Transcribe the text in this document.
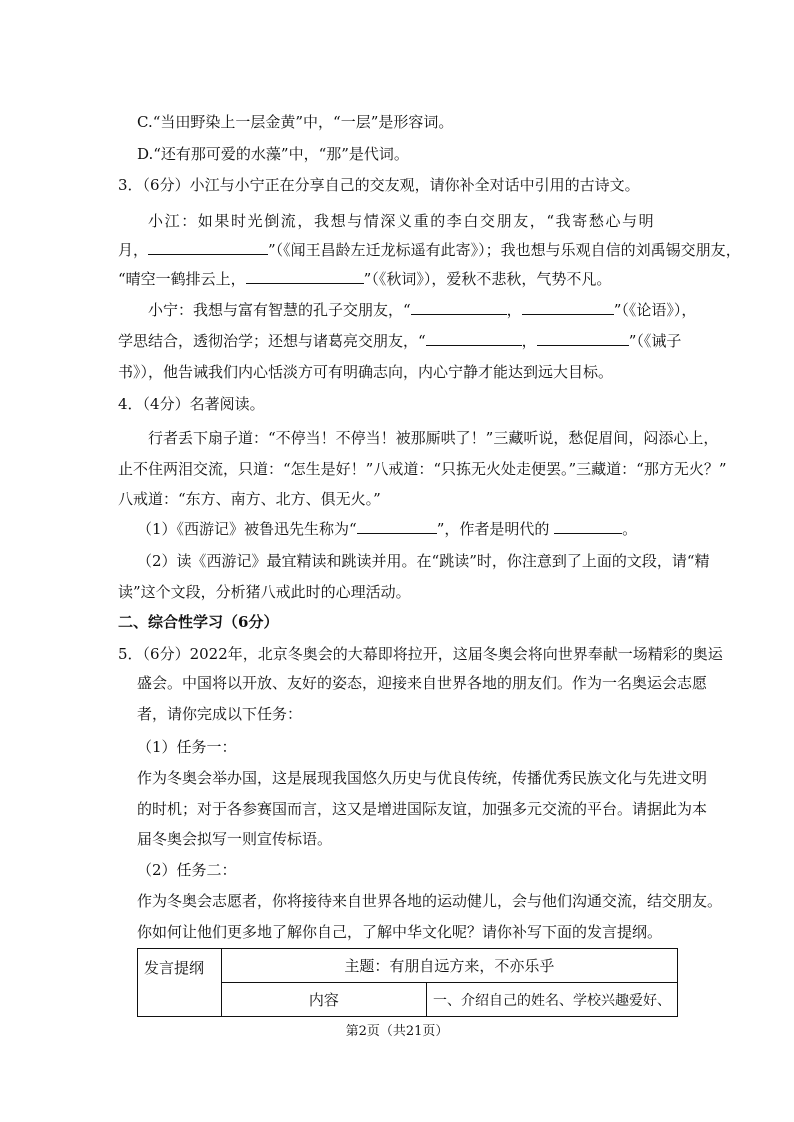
C.“当田野染上一层金黄”中，“一层”是形容词。
D.“还有那可爱的水藻”中，“那”是代词。
3．（6分）小江与小宁正在分享自己的交友观，请你补全对话中引用的古诗文。
小江：如果时光倒流，我想与情深义重的李白交朋友，“我寄愁心与明
月，	”（《闻王昌龄左迁龙标遥有此寄》）；我也想与乐观自信的刘禹锡交朋友，
“晴空一鹤排云上，	”（《秋词》），爱秋不悲秋，气势不凡。
小宁：我想与富有智慧的孔子交朋友，“	，	”（《论语》），
学思结合，透彻治学；还想与诸葛亮交朋友，“	，	”（《诫子
书》），他告诫我们内心恬淡方可有明确志向，内心宁静才能达到远大目标。
4．（4分）名著阅读。
行者丢下扇子道：“不停当！不停当！被那厮哄了！”三藏听说，愁促眉间，闷添心上，
止不住两泪交流，只道：“怎生是好！”八戒道：“只拣无火处走便罢。”三藏道：“那方无火？”
八戒道：“东方、南方、北方、俱无火。”
（1）《西游记》被鲁迅先生称为“	”，作者是明代的	。
（2）读《西游记》最宜精读和跳读并用。在“跳读”时，你注意到了上面的文段，请“精
读”这个文段，分析猪八戒此时的心理活动。
二、综合性学习（6分）
5．（6分）2022年，北京冬奥会的大幕即将拉开，这届冬奥会将向世界奉献一场精彩的奥运
盛会。中国将以开放、友好的姿态，迎接来自世界各地的朋友们。作为一名奥运会志愿
者，请你完成以下任务：
（1）任务一：
作为冬奥会举办国，这是展现我国悠久历史与优良传统，传播优秀民族文化与先进文明
的时机；对于各参赛国而言，这又是增进国际友谊，加强多元交流的平台。请据此为本
届冬奥会拟写一则宣传标语。
（2）任务二：
作为冬奥会志愿者，你将接待来自世界各地的运动健儿，会与他们沟通交流，结交朋友。
你如何让他们更多地了解你自己，了解中华文化呢？请你补写下面的发言提纲。
发言提纲	主题：有朋自远方来，不亦乐乎	
	内容	一、介绍自己的姓名、学校兴趣爱好、
第2页（共21页）
